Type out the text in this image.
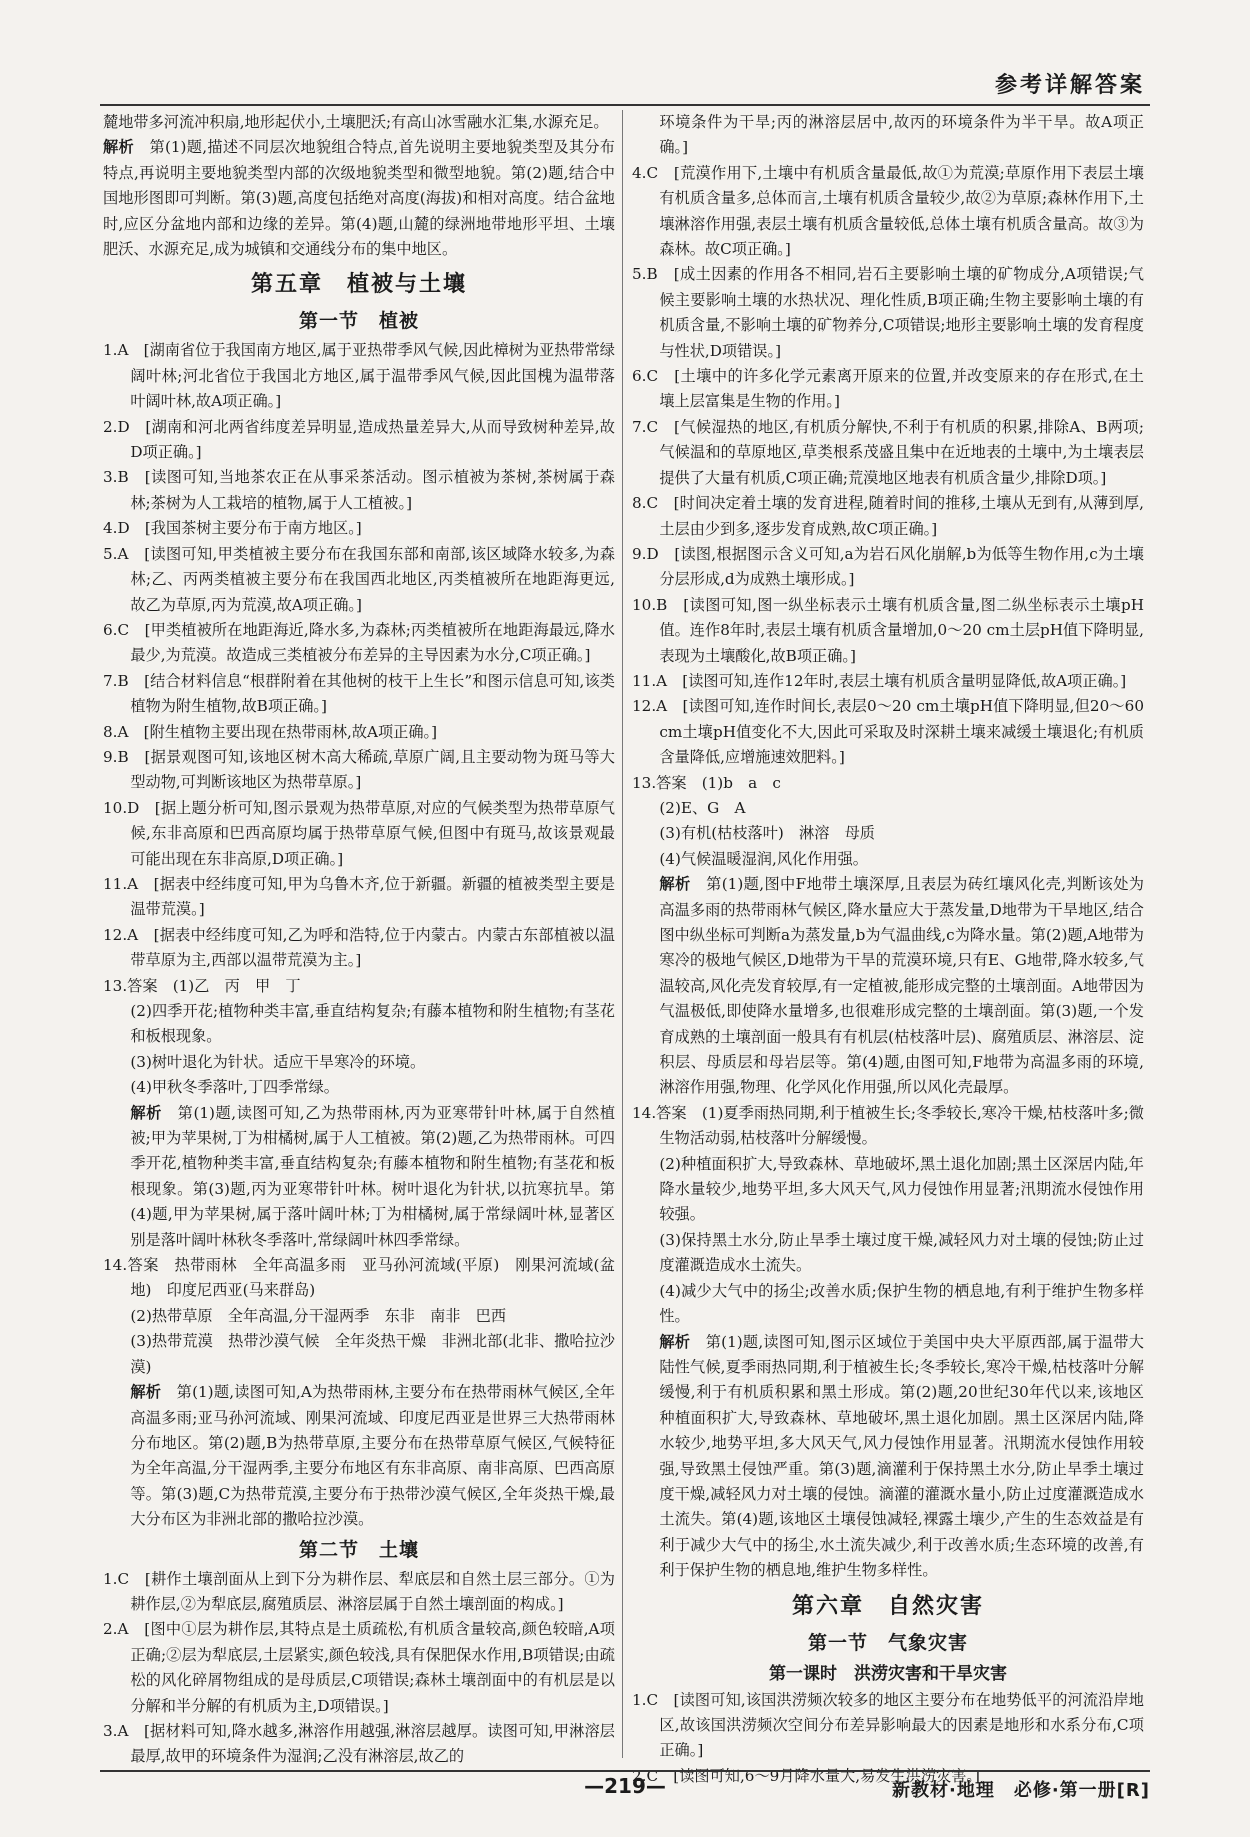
参考详解答案
麓地带多河流冲积扇,地形起伏小,土壤肥沃;有高山冰雪融水汇集,水源充足。
解析　第(1)题,描述不同层次地貌组合特点,首先说明主要地貌类型及其分布特点,再说明主要地貌类型内部的次级地貌类型和微型地貌。第(2)题,结合中国地形图即可判断。第(3)题,高度包括绝对高度(海拔)和相对高度。结合盆地时,应区分盆地内部和边缘的差异。第(4)题,山麓的绿洲地带地形平坦、土壤肥沃、水源充足,成为城镇和交通线分布的集中地区。
第五章　植被与土壤
第一节　植被
1.A　[湖南省位于我国南方地区,属于亚热带季风气候,因此樟树为亚热带常绿阔叶林;河北省位于我国北方地区,属于温带季风气候,因此国槐为温带落叶阔叶林,故A项正确。]
2.D　[湖南和河北两省纬度差异明显,造成热量差异大,从而导致树种差异,故D项正确。]
3.B　[读图可知,当地茶农正在从事采茶活动。图示植被为茶树,茶树属于森林;茶树为人工栽培的植物,属于人工植被。]
4.D　[我国茶树主要分布于南方地区。]
5.A　[读图可知,甲类植被主要分布在我国东部和南部,该区域降水较多,为森林;乙、丙两类植被主要分布在我国西北地区,丙类植被所在地距海更远,故乙为草原,丙为荒漠,故A项正确。]
6.C　[甲类植被所在地距海近,降水多,为森林;丙类植被所在地距海最远,降水最少,为荒漠。故造成三类植被分布差异的主导因素为水分,C项正确。]
7.B　[结合材料信息“根群附着在其他树的枝干上生长”和图示信息可知,该类植物为附生植物,故B项正确。]
8.A　[附生植物主要出现在热带雨林,故A项正确。]
9.B　[据景观图可知,该地区树木高大稀疏,草原广阔,且主要动物为斑马等大型动物,可判断该地区为热带草原。]
10.D　[据上题分析可知,图示景观为热带草原,对应的气候类型为热带草原气候,东非高原和巴西高原均属于热带草原气候,但图中有斑马,故该景观最可能出现在东非高原,D项正确。]
11.A　[据表中经纬度可知,甲为乌鲁木齐,位于新疆。新疆的植被类型主要是温带荒漠。]
12.A　[据表中经纬度可知,乙为呼和浩特,位于内蒙古。内蒙古东部植被以温带草原为主,西部以温带荒漠为主。]
13.答案　(1)乙　丙　甲　丁
(2)四季开花;植物种类丰富,垂直结构复杂;有藤本植物和附生植物;有茎花和板根现象。
(3)树叶退化为针状。适应干旱寒冷的环境。
(4)甲秋冬季落叶,丁四季常绿。
解析　第(1)题,读图可知,乙为热带雨林,丙为亚寒带针叶林,属于自然植被;甲为苹果树,丁为柑橘树,属于人工植被。第(2)题,乙为热带雨林。可四季开花,植物种类丰富,垂直结构复杂;有藤本植物和附生植物;有茎花和板根现象。第(3)题,丙为亚寒带针叶林。树叶退化为针状,以抗寒抗旱。第(4)题,甲为苹果树,属于落叶阔叶林;丁为柑橘树,属于常绿阔叶林,显著区别是落叶阔叶林秋冬季落叶,常绿阔叶林四季常绿。
14.答案　热带雨林　全年高温多雨　亚马孙河流域(平原)　刚果河流域(盆地)　印度尼西亚(马来群岛)
(2)热带草原　全年高温,分干湿两季　东非　南非　巴西
(3)热带荒漠　热带沙漠气候　全年炎热干燥　非洲北部(北非、撒哈拉沙漠)
解析　第(1)题,读图可知,A为热带雨林,主要分布在热带雨林气候区,全年高温多雨;亚马孙河流域、刚果河流域、印度尼西亚是世界三大热带雨林分布地区。第(2)题,B为热带草原,主要分布在热带草原气候区,气候特征为全年高温,分干湿两季,主要分布地区有东非高原、南非高原、巴西高原等。第(3)题,C为热带荒漠,主要分布于热带沙漠气候区,全年炎热干燥,最大分布区为非洲北部的撒哈拉沙漠。
第二节　土壤
1.C　[耕作土壤剖面从上到下分为耕作层、犁底层和自然土层三部分。①为耕作层,②为犁底层,腐殖质层、淋溶层属于自然土壤剖面的构成。]
2.A　[图中①层为耕作层,其特点是土质疏松,有机质含量较高,颜色较暗,A项正确;②层为犁底层,土层紧实,颜色较浅,具有保肥保水作用,B项错误;由疏松的风化碎屑物组成的是母质层,C项错误;森林土壤剖面中的有机层是以分解和半分解的有机质为主,D项错误。]
3.A　[据材料可知,降水越多,淋溶作用越强,淋溶层越厚。读图可知,甲淋溶层最厚,故甲的环境条件为湿润;乙没有淋溶层,故乙的
环境条件为干旱;丙的淋溶层居中,故丙的环境条件为半干旱。故A项正确。]
4.C　[荒漠作用下,土壤中有机质含量最低,故①为荒漠;草原作用下表层土壤有机质含量多,总体而言,土壤有机质含量较少,故②为草原;森林作用下,土壤淋溶作用强,表层土壤有机质含量较低,总体土壤有机质含量高。故③为森林。故C项正确。]
5.B　[成土因素的作用各不相同,岩石主要影响土壤的矿物成分,A项错误;气候主要影响土壤的水热状况、理化性质,B项正确;生物主要影响土壤的有机质含量,不影响土壤的矿物养分,C项错误;地形主要影响土壤的发育程度与性状,D项错误。]
6.C　[土壤中的许多化学元素离开原来的位置,并改变原来的存在形式,在土壤上层富集是生物的作用。]
7.C　[气候湿热的地区,有机质分解快,不利于有机质的积累,排除A、B两项;气候温和的草原地区,草类根系茂盛且集中在近地表的土壤中,为土壤表层提供了大量有机质,C项正确;荒漠地区地表有机质含量少,排除D项。]
8.C　[时间决定着土壤的发育进程,随着时间的推移,土壤从无到有,从薄到厚,土层由少到多,逐步发育成熟,故C项正确。]
9.D　[读图,根据图示含义可知,a为岩石风化崩解,b为低等生物作用,c为土壤分层形成,d为成熟土壤形成。]
10.B　[读图可知,图一纵坐标表示土壤有机质含量,图二纵坐标表示土壤pH值。连作8年时,表层土壤有机质含量增加,0～20 cm土层pH值下降明显,表现为土壤酸化,故B项正确。]
11.A　[读图可知,连作12年时,表层土壤有机质含量明显降低,故A项正确。]
12.A　[读图可知,连作时间长,表层0～20 cm土壤pH值下降明显,但20～60 cm土壤pH值变化不大,因此可采取及时深耕土壤来减缓土壤退化;有机质含量降低,应增施速效肥料。]
13.答案　(1)b　a　c
(2)E、G　A
(3)有机(枯枝落叶)　淋溶　母质
(4)气候温暖湿润,风化作用强。
解析　第(1)题,图中F地带土壤深厚,且表层为砖红壤风化壳,判断该处为高温多雨的热带雨林气候区,降水量应大于蒸发量,D地带为干旱地区,结合图中纵坐标可判断a为蒸发量,b为气温曲线,c为降水量。第(2)题,A地带为寒冷的极地气候区,D地带为干旱的荒漠环境,只有E、G地带,降水较多,气温较高,风化壳发育较厚,有一定植被,能形成完整的土壤剖面。A地带因为气温极低,即使降水量增多,也很难形成完整的土壤剖面。第(3)题,一个发育成熟的土壤剖面一般具有有机层(枯枝落叶层)、腐殖质层、淋溶层、淀积层、母质层和母岩层等。第(4)题,由图可知,F地带为高温多雨的环境,淋溶作用强,物理、化学风化作用强,所以风化壳最厚。
14.答案　(1)夏季雨热同期,利于植被生长;冬季较长,寒冷干燥,枯枝落叶多;微生物活动弱,枯枝落叶分解缓慢。
(2)种植面积扩大,导致森林、草地破坏,黑土退化加剧;黑土区深居内陆,年降水量较少,地势平坦,多大风天气,风力侵蚀作用显著;汛期流水侵蚀作用较强。
(3)保持黑土水分,防止旱季土壤过度干燥,减轻风力对土壤的侵蚀;防止过度灌溉造成水土流失。
(4)减少大气中的扬尘;改善水质;保护生物的栖息地,有利于维护生物多样性。
解析　第(1)题,读图可知,图示区域位于美国中央大平原西部,属于温带大陆性气候,夏季雨热同期,利于植被生长;冬季较长,寒冷干燥,枯枝落叶分解缓慢,利于有机质积累和黑土形成。第(2)题,20世纪30年代以来,该地区种植面积扩大,导致森林、草地破坏,黑土退化加剧。黑土区深居内陆,降水较少,地势平坦,多大风天气,风力侵蚀作用显著。汛期流水侵蚀作用较强,导致黑土侵蚀严重。第(3)题,滴灌利于保持黑土水分,防止旱季土壤过度干燥,减轻风力对土壤的侵蚀。滴灌的灌溉水量小,防止过度灌溉造成水土流失。第(4)题,该地区土壤侵蚀减轻,裸露土壤少,产生的生态效益是有利于减少大气中的扬尘,水土流失减少,利于改善水质;生态环境的改善,有利于保护生物的栖息地,维护生物多样性。
第六章　自然灾害
第一节　气象灾害
第一课时　洪涝灾害和干旱灾害
1.C　[读图可知,该国洪涝频次较多的地区主要分布在地势低平的河流沿岸地区,故该国洪涝频次空间分布差异影响最大的因素是地形和水系分布,C项正确。]
2.C　[读图可知,6～9月降水量大,易发生洪涝灾害。]
—219—	新教材·地理　必修·第一册[R]
